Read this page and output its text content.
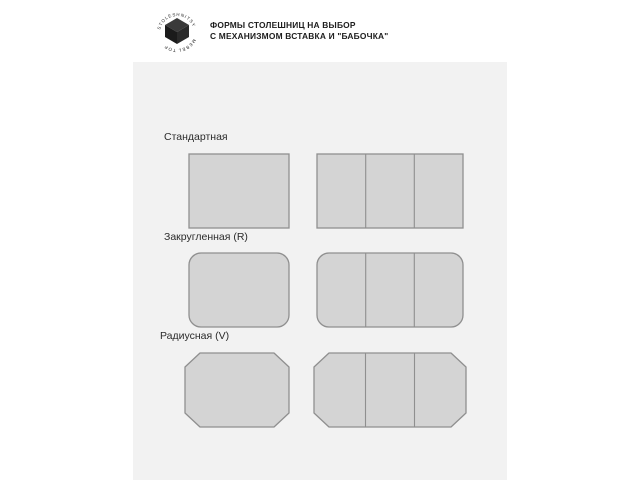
STOLESHNITSY
MEBEL TOP
ФОРМЫ СТОЛЕШНИЦ НА ВЫБОР
С МЕХАНИЗМОМ ВСТАВКА И "БАБОЧКА"
Стандартная
Закругленная (R)
Радиусная (V)
